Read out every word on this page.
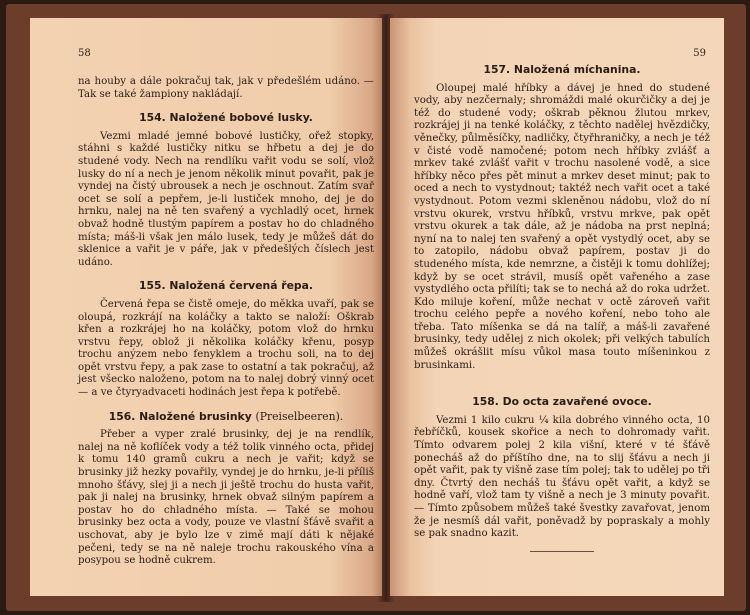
58

na houby a dále pokračuj tak, jak v předešlém udáno. — Tak se také žampiony nakládají.

154. Naložené bobové lusky.

Vezmi mladé jemné bobové lustičky, ořež stopky, stáhni s každé lustičky nitku se hřbetu a dej je do studené vody. Nech na rendlíku vařit vodu se solí, vlož lusky do ní a nech je jenom několik minut povařit, pak je vyndej na čistý ubrousek a nech je oschnout. Zatím svař ocet se solí a pepřem, je-li lustiček mnoho, dej je do hrnku, nalej na ně ten svařený a vychladlý ocet, hrnek obvaž hodně tlustým papírem a postav ho do chladného místa; máš-li však jen málo lusek, tedy je můžeš dát do sklenice a vařit je v páře, jak v předešlých číslech jest udáno.

155. Naložená červená řepa.

Červená řepa se čistě omeje, do měkka uvaří, pak se oloupá, rozkrájí na koláčky a takto se naloží: Oškrab křen a rozkrájej ho na koláčky, potom vlož do hrnku vrstvu řepy, oblož ji několika koláčky křenu, posyp trochu anýzem nebo fenyklem a trochu soli, na to dej opět vrstvu řepy, a pak zase to ostatní a tak pokračuj, až jest všecko naloženo, potom na to nalej dobrý vinný ocet — a ve čtyryadvaceti hodinách jest řepa k potřebě.

156. Naložené brusinky (Preiselbeeren).

Přeber a vyper zralé brusinky, dej je na rendlík, nalej na ně koflíček vody a též tolik vinného octa, přidej k tomu 140 gramů cukru a nech je vařit; když se brusinky již hezky povařily, vyndej je do hrnku, je-li příliš mnoho šťávy, slej ji a nech ji ještě trochu do husta vařit, pak ji nalej na brusinky, hrnek obvaž silným papírem a postav ho do chladného místa. — Také se mohou brusinky bez octa a vody, pouze ve vlastní šťávě svařit a uschovat, aby je bylo lze v zimě mají dáti k nějaké pečeni, tedy se na ně naleje trochu rakouského vína a posypou se hodně cukrem.

59
157. Naložená míchanina.

Oloupej malé hříbky a dávej je hned do studené vody, aby nezčernaly; shromáždi malé okurčičky a dej je též do studené vody; oškrab pěknou žlutou mrkev, rozkrájej ji na tenké koláčky, z těchto nadělej hvězdičky, věnečky, půlměsíčky, nadličky, čtyřhraničky, a nech je též v čisté vodě namočené; potom nech hříbky zvlášť a mrkev také zvlášť vařit v trochu nasolené vodě, a sice hříbky něco přes pět minut a mrkev deset minut; pak to oced a nech to vystydnout; taktéž nech vařit ocet a také vystydnout. Potom vezmi skleněnou nádobu, vlož do ní vrstvu okurek, vrstvu hříbků, vrstvu mrkve, pak opět vrstvu okurek a tak dále, až je nádoba na prst neplná; nyní na to nalej ten svařený a opět vystydlý ocet, aby se to zatopilo, nádobu obvaž papírem, postav ji do studeného místa, kde nemrzne, a čistěji k tomu dohlížej; když by se ocet strávil, musíš opět vařeného a zase vystydlého octa přilíti; tak se to nechá až do roka udržet. Kdo miluje koření, může nechat v octě zároveň vařit trochu celého pepře a nového koření, nebo toho ale třeba. Tato míšenka se dá na talíř, a máš-li zavařené brusinky, tedy udělej z nich okolek; při velkých tabulích můžeš okrášlit mísu vůkol masa touto míšeninkou z brusinkami.

158. Do octa zavařené ovoce.

Vezmi 1 kilo cukru ¼ kila dobrého vinného octa, 10 řebříčků, kousek skořice a nech to dohromady vařit. Tímto odvarem polej 2 kila višní, které v té šťávě ponecháš až do příštího dne, na to slij šťávu a nech ji opět vařit, pak ty višně zase tím polej; tak to udělej po tři dny. Čtvrtý den necháš tu šťávu opět vařit, a když se hodně vaří, vlož tam ty višně a nech je 3 minuty povařit. — Tímto způsobem můžeš také švestky zavařovat, jenom že je nesmíš dál vařit, poněvadž by popraskaly a mohly se pak snadno kazit.
